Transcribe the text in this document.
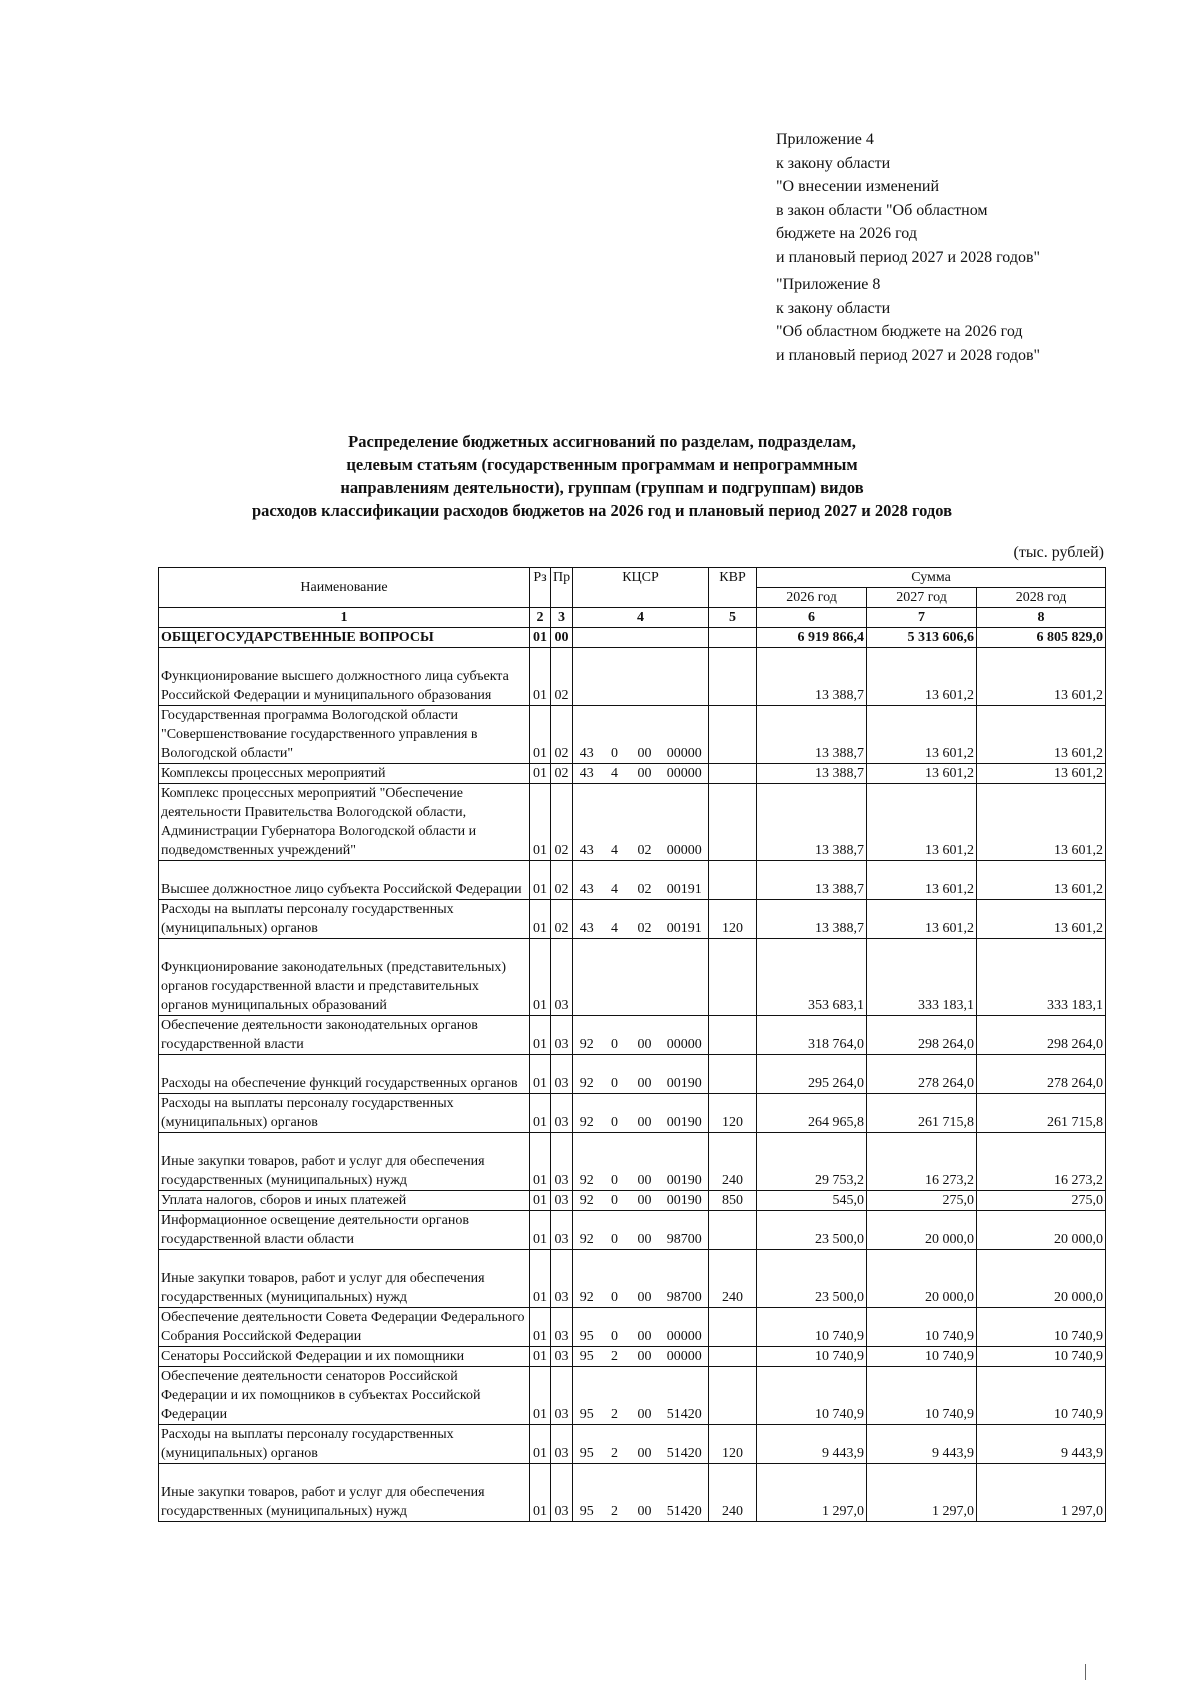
Приложение 4
к закону области
"О внесении изменений
в закон области "Об областном
бюджете на 2026 год
и плановый период 2027 и 2028 годов"
"Приложение 8
к закону области
"Об областном бюджете на 2026 год
и плановый период 2027 и 2028 годов"
Распределение бюджетных ассигнований по разделам, подразделам,
целевым статьям (государственным программам и непрограммным
направлениям деятельности), группам (группам и подгруппам) видов
расходов классификации расходов бюджетов на 2026 год и плановый период 2027 и 2028 годов
(тыс. рублей)
Наименование	Рз	Пр	КЦСР				КВР	Сумма		
								2026 год	2027 год	2028 год
1	2	3	4				5	6	7	8
ОБЩЕГОСУДАРСТВЕННЫЕ ВОПРОСЫ	01	00						6 919 866,4	5 313 606,6	6 805 829,0
Функционирование высшего должностного лица субъекта Российской Федерации и муниципального образования	01	02						13 388,7	13 601,2	13 601,2
Государственная программа Вологодской области "Совершенствование государственного управления в Вологодской области"	01	02	43	0	00	00000		13 388,7	13 601,2	13 601,2
Комплексы процессных мероприятий	01	02	43	4	00	00000		13 388,7	13 601,2	13 601,2
Комплекс процессных мероприятий "Обеспечение деятельности Правительства Вологодской области, Администрации Губернатора Вологодской области и подведомственных учреждений"	01	02	43	4	02	00000		13 388,7	13 601,2	13 601,2
Высшее должностное лицо субъекта Российской Федерации	01	02	43	4	02	00191		13 388,7	13 601,2	13 601,2
Расходы на выплаты персоналу государственных (муниципальных) органов	01	02	43	4	02	00191	120	13 388,7	13 601,2	13 601,2
Функционирование законодательных (представительных) органов государственной власти и представительных органов муниципальных образований	01	03						353 683,1	333 183,1	333 183,1
Обеспечение деятельности законодательных органов государственной власти	01	03	92	0	00	00000		318 764,0	298 264,0	298 264,0
Расходы на обеспечение функций государственных органов	01	03	92	0	00	00190		295 264,0	278 264,0	278 264,0
Расходы на выплаты персоналу государственных (муниципальных) органов	01	03	92	0	00	00190	120	264 965,8	261 715,8	261 715,8
Иные закупки товаров, работ и услуг для обеспечения государственных (муниципальных) нужд	01	03	92	0	00	00190	240	29 753,2	16 273,2	16 273,2
Уплата налогов, сборов и иных платежей	01	03	92	0	00	00190	850	545,0	275,0	275,0
Информационное освещение деятельности органов государственной власти области	01	03	92	0	00	98700		23 500,0	20 000,0	20 000,0
Иные закупки товаров, работ и услуг для обеспечения государственных (муниципальных) нужд	01	03	92	0	00	98700	240	23 500,0	20 000,0	20 000,0
Обеспечение деятельности Совета Федерации Федерального Собрания Российской Федерации	01	03	95	0	00	00000		10 740,9	10 740,9	10 740,9
Сенаторы Российской Федерации и их помощники	01	03	95	2	00	00000		10 740,9	10 740,9	10 740,9
Обеспечение деятельности сенаторов Российской Федерации и их помощников в субъектах Российской Федерации	01	03	95	2	00	51420		10 740,9	10 740,9	10 740,9
Расходы на выплаты персоналу государственных (муниципальных) органов	01	03	95	2	00	51420	120	9 443,9	9 443,9	9 443,9
Иные закупки товаров, работ и услуг для обеспечения государственных (муниципальных) нужд	01	03	95	2	00	51420	240	1 297,0	1 297,0	1 297,0
